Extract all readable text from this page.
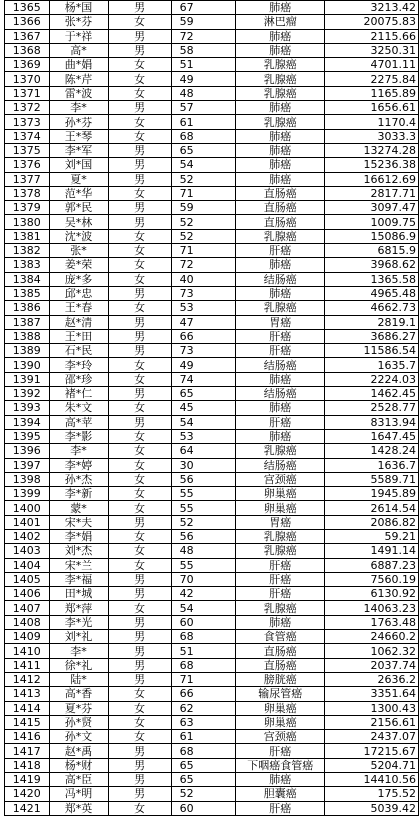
1365	杨*国	男	67	肺癌	3213.42
1366	张*芬	女	59	淋巴瘤	20075.83
1367	于*祥	男	72	肺癌	2115.66
1368	高*	男	58	肺癌	3250.31
1369	曲*娟	女	51	乳腺癌	4701.11
1370	陈*芹	女	49	乳腺癌	2275.84
1371	雷*波	女	48	乳腺癌	1165.89
1372	李*	男	57	肺癌	1656.61
1373	孙*芬	女	61	乳腺癌	1170.4
1374	王*琴	女	68	肺癌	3033.3
1375	李*军	男	65	肺癌	13274.28
1376	刘*国	男	54	肺癌	15236.38
1377	夏*	男	52	肺癌	16612.69
1378	范*华	女	71	直肠癌	2817.71
1379	郭*民	男	59	直肠癌	3097.47
1380	吴*林	男	52	直肠癌	1009.75
1381	沈*波	女	52	乳腺癌	15086.9
1382	张*	女	71	肝癌	6815.9
1383	姜*荣	女	72	肺癌	3968.62
1384	庞*多	女	40	结肠癌	1365.58
1385	邱*忠	男	73	肺癌	4965.48
1386	王*春	女	53	乳腺癌	4662.73
1387	赵*清	男	47	胃癌	2819.1
1388	王*田	男	66	肝癌	3686.27
1389	石*民	男	73	肝癌	11586.54
1390	李*玲	女	49	结肠癌	1635.7
1391	邵*珍	女	74	肺癌	2224.03
1392	褚*仁	男	65	结肠癌	1462.45
1393	朱*文	女	45	肺癌	2528.77
1394	高*苹	男	54	肝癌	8313.94
1395	李*影	女	53	肺癌	1647.45
1396	李*	女	64	乳腺癌	1428.24
1397	李*婷	女	30	结肠癌	1636.7
1398	孙*杰	女	56	宫颈癌	5589.71
1399	李*新	女	55	卵巢癌	1945.89
1400	蒙*	女	55	卵巢癌	2614.54
1401	宋*夫	男	52	胃癌	2086.82
1402	李*娟	女	56	乳腺癌	59.21
1403	刘*杰	女	48	乳腺癌	1491.14
1404	宋*兰	女	55	肝癌	6887.23
1405	李*福	男	70	肝癌	7560.19
1406	田*城	男	42	肝癌	6130.92
1407	郑*萍	女	54	乳腺癌	14063.23
1408	李*光	男	60	肺癌	1763.48
1409	刘*礼	男	68	食管癌	24660.2
1410	李*	男	51	直肠癌	1062.32
1411	徐*礼	男	68	直肠癌	2037.74
1412	陆*	男	71	膀胱癌	2636.2
1413	高*香	女	66	输尿管癌	3351.64
1414	夏*芬	女	62	卵巢癌	1300.43
1415	孙*贤	女	63	卵巢癌	2156.61
1416	孙*文	女	61	宫颈癌	2437.07
1417	赵*禹	男	68	肝癌	17215.67
1418	杨*财	男	65	下咽癌食管癌	5204.71
1419	高*臣	男	65	肺癌	14410.56
1420	冯*明	男	52	胆囊癌	175.52
1421	郑*英	女	60	肝癌	5039.42
